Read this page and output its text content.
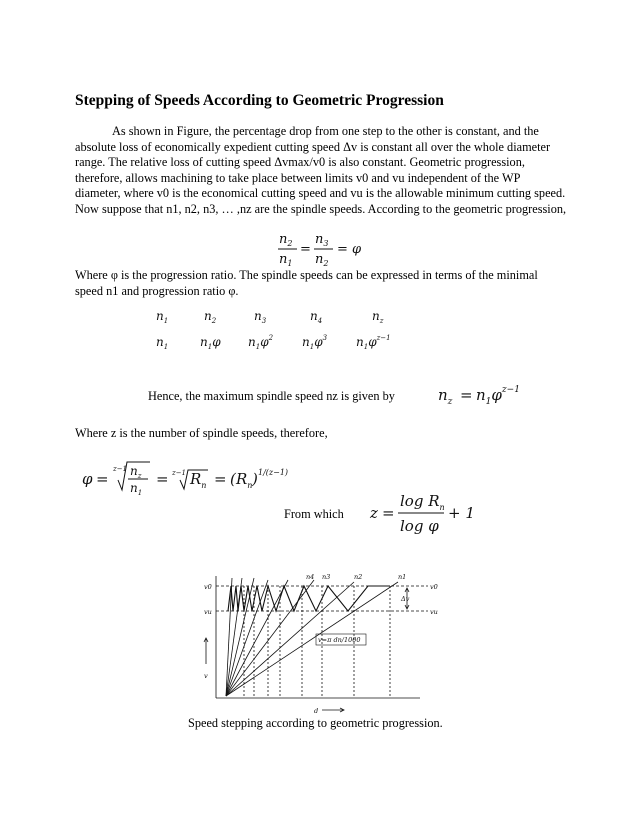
Stepping of Speeds According to Geometric Progression
As shown in Figure, the percentage drop from one step to the other is constant, and the absolute loss of economically expedient cutting speed Δv is constant all over the whole diameter range. The relative loss of cutting speed Δvmax/v0 is also constant. Geometric progression, therefore, allows machining to take place between limits v0 and vu independent of the WP diameter, where v0 is the economical cutting speed and vu is the allowable minimum cutting speed. Now suppose that n1, n2, n3, … ,nz are the spindle speeds. According to the geometric progression,
$n_2$
$n_1$
=
$n_3$
$n_2$
= φ
Where φ is the progression ratio. The spindle speeds can be expressed in terms of the minimal speed n1 and progression ratio φ.
$n_1$	$n_2$	$n_3$	$n_4$	$n_z$
$n_1$	$n_1\varphi$ $n_1\varphi^2$ $n_1\varphi^3$ $n_1\varphi^{z-1}$
Hence, the maximum spindle speed nz is given by	$n_z = n_1\varphi^{z-1}$
Where z is the number of spindle speeds, therefore,
φ =
z−1 $n_z$
$n_1$
= z−1 $R_n$ = ( $R_n$ ) 1/(z−1)
From which z =
$\log R_n$
log φ
+ 1
n4 n3	n2	n1
v0
vu
v0
vu
Δv
v=π dn/1000
v
d
Speed stepping according to geometric progression.
